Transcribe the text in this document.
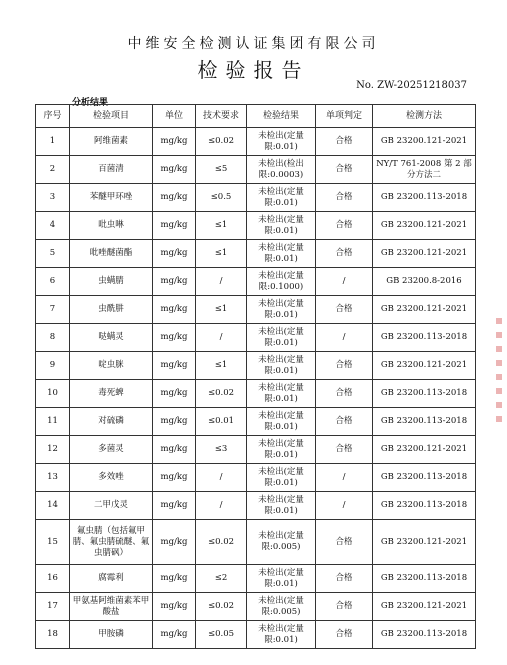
中维安全检测认证集团有限公司
检验报告
No. ZW-20251218037
分析结果
序号	检验项目	单位	技术要求	检验结果	单项判定	检测方法
1	阿维菌素	mg/kg	≤0.02	未检出(定量限:0.01)	合格	GB 23200.121-2021
2	百菌清	mg/kg	≤5	未检出(检出限:0.0003)	合格	NY/T 761-2008 第 2 部分方法二
3	苯醚甲环唑	mg/kg	≤0.5	未检出(定量限:0.01)	合格	GB 23200.113-2018
4	吡虫啉	mg/kg	≤1	未检出(定量限:0.01)	合格	GB 23200.121-2021
5	吡唑醚菌酯	mg/kg	≤1	未检出(定量限:0.01)	合格	GB 23200.121-2021
6	虫螨腈	mg/kg	/	未检出(定量限:0.1000)	/	GB 23200.8-2016
7	虫酰肼	mg/kg	≤1	未检出(定量限:0.01)	合格	GB 23200.121-2021
8	哒螨灵	mg/kg	/	未检出(定量限:0.01)	/	GB 23200.113-2018
9	啶虫脒	mg/kg	≤1	未检出(定量限:0.01)	合格	GB 23200.121-2021
10	毒死蜱	mg/kg	≤0.02	未检出(定量限:0.01)	合格	GB 23200.113-2018
11	对硫磷	mg/kg	≤0.01	未检出(定量限:0.01)	合格	GB 23200.113-2018
12	多菌灵	mg/kg	≤3	未检出(定量限:0.01)	合格	GB 23200.121-2021
13	多效唑	mg/kg	/	未检出(定量限:0.01)	/	GB 23200.113-2018
14	二甲戊灵	mg/kg	/	未检出(定量限:0.01)	/	GB 23200.113-2018
15	氟虫腈（包括氟甲腈、氟虫腈硫醚、氟虫腈砜）	mg/kg	≤0.02	未检出(定量限:0.005)	合格	GB 23200.121-2021
16	腐霉利	mg/kg	≤2	未检出(定量限:0.01)	合格	GB 23200.113-2018
17	甲氨基阿维菌素苯甲酸盐	mg/kg	≤0.02	未检出(定量限:0.005)	合格	GB 23200.121-2021
18	甲胺磷	mg/kg	≤0.05	未检出(定量限:0.01)	合格	GB 23200.113-2018
